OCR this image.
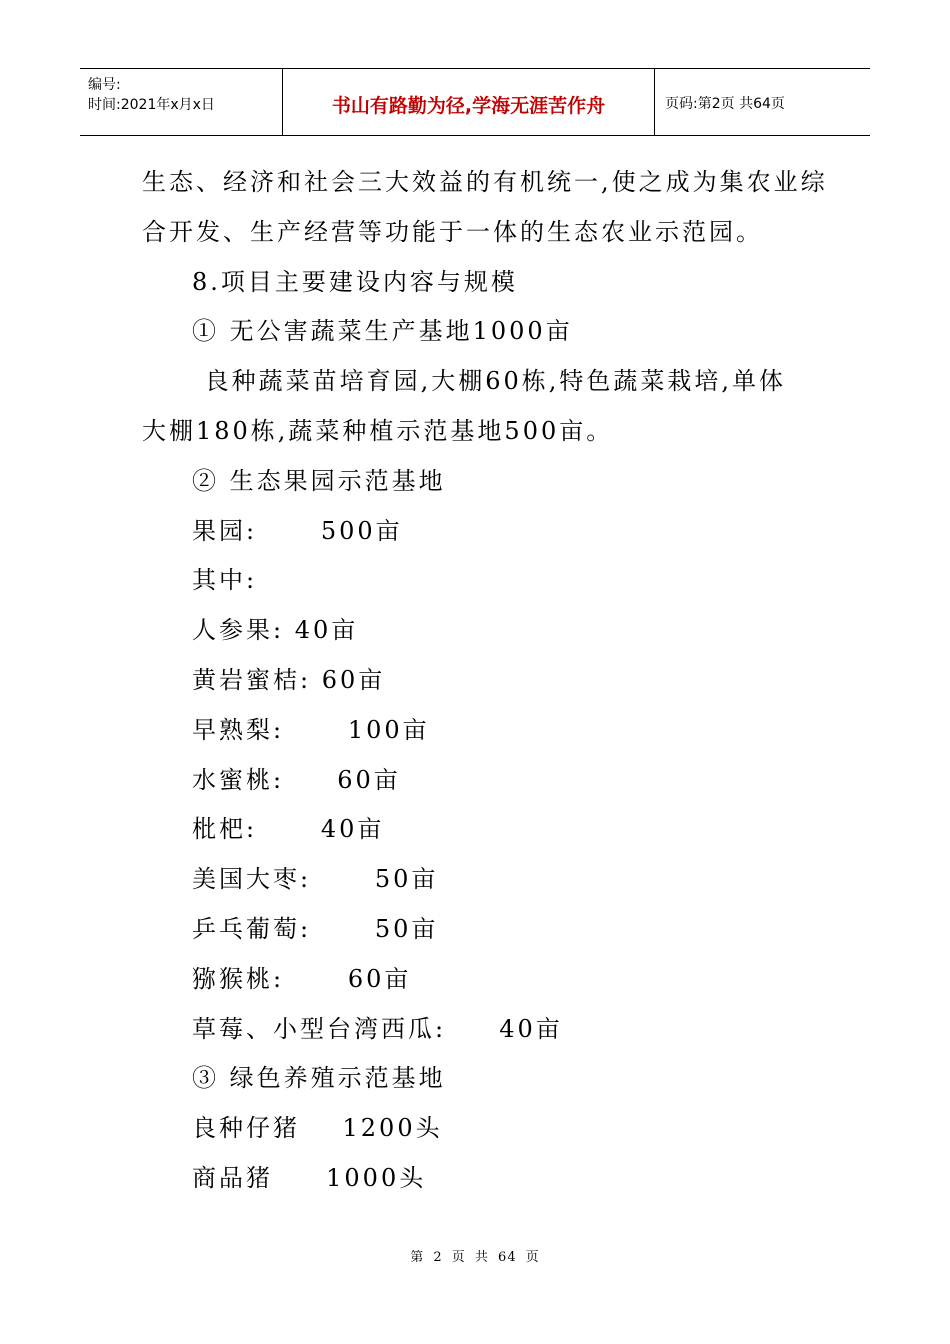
编号:
时间:2021年x月x日	书山有路勤为径,学海无涯苦作舟	页码:第2页 共64页
生态、经济和社会三大效益的有机统一,使之成为集农业综
合开发、生产经营等功能于一体的生态农业示范园。
8.项目主要建设内容与规模
① 无公害蔬菜生产基地1000亩
良种蔬菜苗培育园,大棚60栋,特色蔬菜栽培,单体
大棚180栋,蔬菜种植示范基地500亩。
② 生态果园示范基地
果园:      500亩
其中:
人参果: 40亩
黄岩蜜桔: 60亩
早熟梨:      100亩
水蜜桃:     60亩
枇杷:      40亩
美国大枣:      50亩
乒乓葡萄:      50亩
猕猴桃:      60亩
草莓、小型台湾西瓜:     40亩
③ 绿色养殖示范基地
良种仔猪    1200头
商品猪     1000头
第 2 页 共 64 页
